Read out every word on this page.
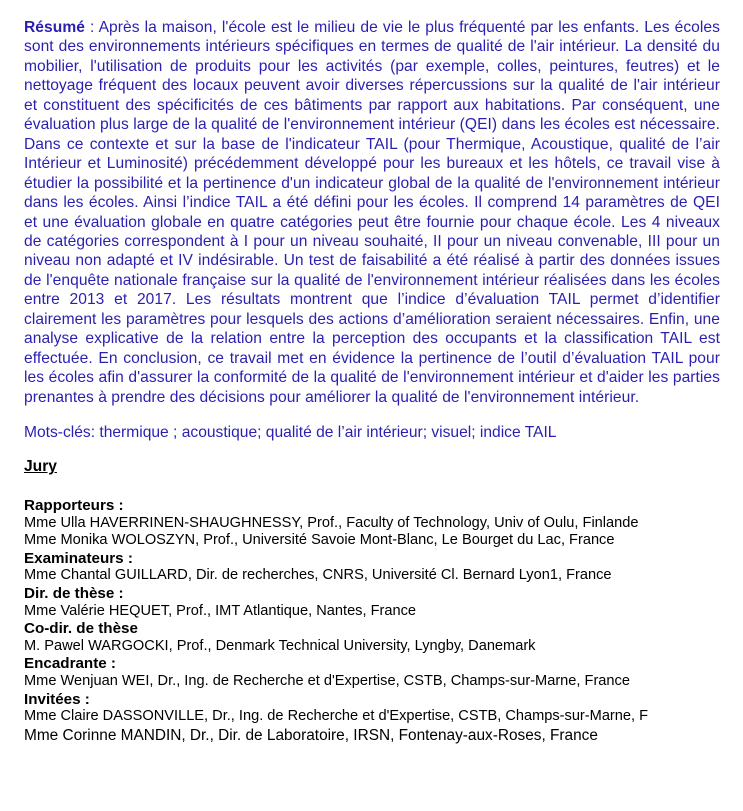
Résumé : Après la maison, l'école est le milieu de vie le plus fréquenté par les enfants. Les écoles sont des environnements intérieurs spécifiques en termes de qualité de l'air intérieur. La densité du mobilier, l'utilisation de produits pour les activités (par exemple, colles, peintures, feutres) et le nettoyage fréquent des locaux peuvent avoir diverses répercussions sur la qualité de l'air intérieur et constituent des spécificités de ces bâtiments par rapport aux habitations. Par conséquent, une évaluation plus large de la qualité de l'environnement intérieur (QEI) dans les écoles est nécessaire. Dans ce contexte et sur la base de l'indicateur TAIL (pour Thermique, Acoustique, qualité de l’air Intérieur et Luminosité) précédemment développé pour les bureaux et les hôtels, ce travail vise à étudier la possibilité et la pertinence d'un indicateur global de la qualité de l'environnement intérieur dans les écoles. Ainsi l’indice TAIL a été défini pour les écoles. Il comprend 14 paramètres de QEI et une évaluation globale en quatre catégories peut être fournie pour chaque école. Les 4 niveaux de catégories correspondent à I pour un niveau souhaité, II pour un niveau convenable, III pour un niveau non adapté et IV indésirable. Un test de faisabilité a été réalisé à partir des données issues de l'enquête nationale française sur la qualité de l'environnement intérieur réalisées dans les écoles entre 2013 et 2017. Les résultats montrent que l’indice d’évaluation TAIL permet d’identifier clairement les paramètres pour lesquels des actions d’amélioration seraient nécessaires. Enfin, une analyse explicative de la relation entre la perception des occupants et la classification TAIL est effectuée. En conclusion, ce travail met en évidence la pertinence de l’outil d’évaluation TAIL pour les écoles afin d'assurer la conformité de la qualité de l'environnement intérieur et d'aider les parties prenantes à prendre des décisions pour améliorer la qualité de l'environnement intérieur.

Mots-clés: thermique ; acoustique; qualité de l’air intérieur; visuel; indice TAIL

Jury
Rapporteurs :
Mme Ulla HAVERRINEN-SHAUGHNESSY, Prof., Faculty of Technology, Univ of Oulu, Finlande
Mme Monika WOLOSZYN, Prof., Université Savoie Mont-Blanc, Le Bourget du Lac, France
Examinateurs :
Mme Chantal GUILLARD, Dir. de recherches, CNRS, Université Cl. Bernard Lyon1, France
Dir. de thèse :
Mme Valérie HEQUET, Prof., IMT Atlantique, Nantes, France
Co-dir. de thèse
M. Pawel WARGOCKI, Prof., Denmark Technical University, Lyngby, Danemark
Encadrante :
Mme Wenjuan WEI, Dr., Ing. de Recherche et d'Expertise, CSTB, Champs-sur-Marne, France
Invitées :
Mme Claire DASSONVILLE, Dr., Ing. de Recherche et d'Expertise, CSTB, Champs-sur-Marne, F
Mme Corinne MANDIN, Dr., Dir. de Laboratoire, IRSN, Fontenay-aux-Roses, France
